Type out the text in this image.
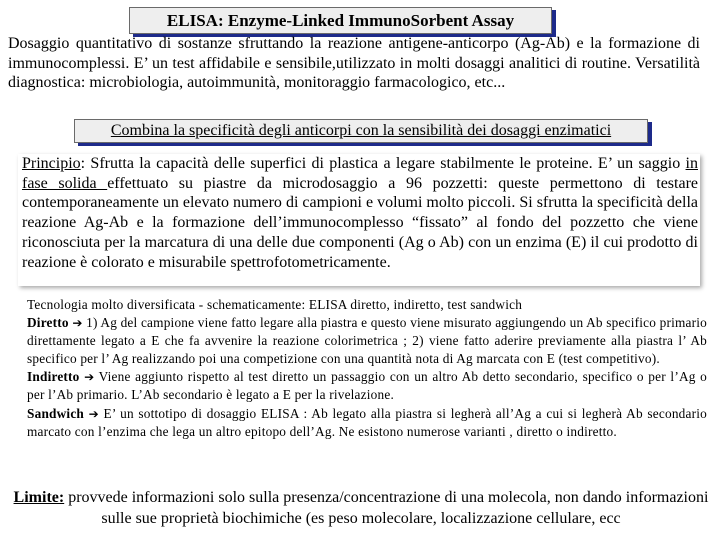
ELISA: Enzyme-Linked ImmunoSorbent Assay
Dosaggio quantitativo di sostanze sfruttando la reazione antigene-anticorpo (Ag-Ab) e la formazione di immunocomplessi. E’ un test affidabile e sensibile,utilizzato in molti dosaggi analitici di routine. Versatilità diagnostica: microbiologia, autoimmunità, monitoraggio farmacologico, etc...
Combina la specificità degli anticorpi con la sensibilità dei dosaggi enzimatici

Principio: Sfrutta la capacità delle superfici di plastica a legare stabilmente le proteine. E’ un saggio in fase solida effettuato su piastre da microdosaggio a 96 pozzetti: queste permettono di testare contemporaneamente un elevato numero di campioni e volumi molto piccoli. Si sfrutta la specificità della reazione Ag-Ab e la formazione dell’immunocomplesso “fissato” al fondo del pozzetto che viene riconosciuta per la marcatura di una delle due componenti (Ag o Ab) con un enzima (E) il cui prodotto di reazione è colorato e misurabile spettrofotometricamente.

Tecnologia molto diversificata - schematicamente: ELISA diretto, indiretto, test sandwich
Diretto ➔ 1) Ag del campione viene fatto legare alla piastra e questo viene misurato aggiungendo un Ab specifico primario direttamente legato a E che fa avvenire la reazione colorimetrica ; 2) viene fatto aderire previamente alla piastra l’ Ab specifico per l’ Ag realizzando poi una competizione con una quantità nota di Ag marcata con E (test competitivo).
Indiretto ➔ Viene aggiunto rispetto al test diretto un passaggio con un altro Ab detto secondario, specifico o per l’Ag o per l’Ab primario. L’Ab secondario è legato a E per la rivelazione.
Sandwich ➔ E’ un sottotipo di dosaggio ELISA : Ab legato alla piastra si legherà all’Ag a cui si legherà Ab secondario marcato con l’enzima che lega un altro epitopo dell’Ag. Ne esistono numerose varianti , diretto o indiretto.
Limite: provvede informazioni solo sulla presenza/concentrazione di una molecola, non dando informazioni sulle sue proprietà biochimiche (es peso molecolare, localizzazione cellulare, ecc
